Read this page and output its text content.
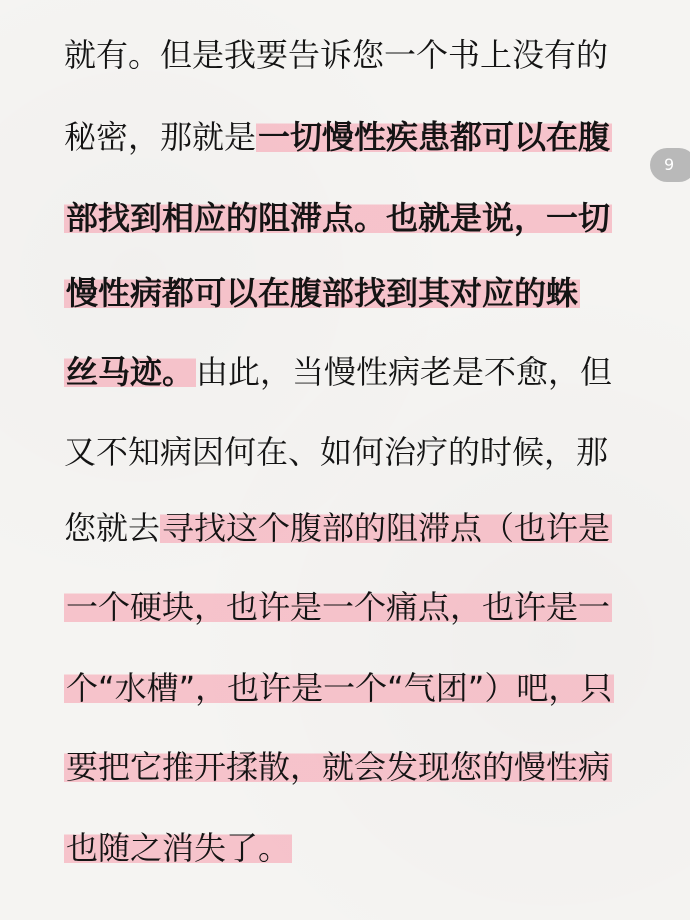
就有。但是我要告诉您一个书上没有的
秘密，那就是一切慢性疾患都可以在腹
部找到相应的阻滞点。也就是说，一切
慢性病都可以在腹部找到其对应的蛛
丝马迹。由此，当慢性病老是不愈，但
又不知病因何在、如何治疗的时候，那
您就去寻找这个腹部的阻滞点（也许是
一个硬块，也许是一个痛点，也许是一
个“水槽”，也许是一个“气团”）吧，只
要把它推开揉散，就会发现您的慢性病
也随之消失了。
9
